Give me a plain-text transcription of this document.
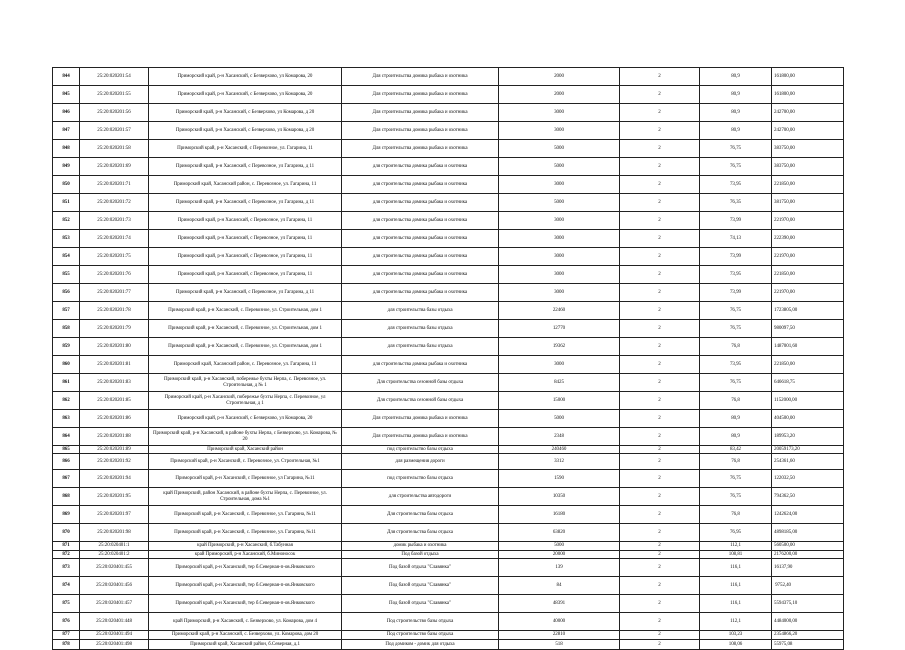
844	25:20:020201:54	Приморский край, р-н Хасанский, с Безверхово, ул Комарова, 20	Для строительства домика рыбака и охотника	2000	2	80,9	161800,00
845	25:20:020201:55	Приморский край, р-н Хасанский, с Безверхово, ул Комарова, 20	Для строительства домика рыбака и охотника	2000	2	80,9	161800,00
846	25:20:020201:56	Приморский край, р-н Хасанский, с Безверхово, ул Комарова, д 20	Для строительства домика рыбака и охотника	3000	2	80,9	242700,00
847	25:20:020201:57	Приморский край, р-н Хасанский, с Безверхово, ул Комарова, д 20	Для строительства домика рыбака и охотника	3000	2	80,9	242700,00
848	25:20:020201:58	Приморский край, р-н Хасанский, с Перевозное, ул. Гагарина, 11	Для строительства домика рыбака и охотника	5000	2	76,75	383750,00
849	25:20:020201:69	Приморский край, р-н Хасанский, с Перевозное, ул Гагарина, д 11	для строительства домика рыбака и охотника	5000	2	76,75	383750,00
850	25:20:020201:71	Приморский край, Хасанский район, с. Перевозное, ул. Гагарина, 11	для строительства домика рыбака и охотника	3000	2	73,95	221850,00
851	25:20:020201:72	Приморский край, р-н Хасанский, с Перевозное, ул Гагарина, д 11	для строительства домика рыбака и охотника	5000	2	76,35	381750,00
852	25:20:020201:73	Приморский край, р-н Хасанский, с Перевозное, ул Гагарина, 11	для строительства домика рыбака и охотника	3000	2	73,99	221970,00
853	25:20:020201:74	Приморский край, р-н Хасанский, с Перевозное, ул Гагарина, 11	для строительства домика рыбака и охотника	3000	2	74,13	222390,00
854	25:20:020201:75	Приморский край, р-н Хасанский, с Перевозное, ул Гагарина, 11	для строительства домика рыбака и охотника	3000	2	73,99	221970,00
855	25:20:020201:76	Приморский край, р-н Хасанский, с Перевозное, ул Гагарина, 11	для строительства домика рыбака и охотника	3000	2	73,95	221850,00
856	25:20:020201:77	Приморский край, р-н Хасанский, с Перевозное, ул Гагарина, д 11	для строительства домика рыбака и охотника	3000	2	73,99	221970,00
857	25:20:020201:78	Приморский край, р-н Хасанский, с. Перевозное, ул. Строительная, дом 1	для строительства базы отдыха	22460	2	76,75	1723805,00
858	25:20:020201:79	Приморский край, р-н Хасанский, с. Перевозное, ул. Строительная, дом 1	для строительства базы отдыха	12770	2	76,75	980097,50
859	25:20:020201:80	Приморский край, р-н Хасанский, с. Перевозное, ул. Строительная, дом 1	для строительства базы отдыха	19362	2	76,8	1487001,60
860	25:20:020201:81	Приморский край, Хасанский район, с. Перевозное, ул. Гагарина, 11	для строительства домика рыбака и охотника	3000	2	73,95	221850,00
861	25:20:020201:83	Приморский край, р-н Хасанский, побережье бухты Нерпа, с. Перевозное, ул. Строительная, д № 1	Для строительства сезонной базы отдыха	8425	2	76,75	646618,75
862	25:20:020201:85	Приморский край, р-н Хасанский, побережье бухты Нерпа, с. Перевозное, ул Строительная, д 1	Для строительства сезонной базы отдыха	15000	2	76,8	1152000,00
863	25:20:020201:86	Приморский край, р-н Хасанский, с Безверхово, ул Комарова, 20	Для строительства домика рыбака и охотника	5000	2	80,9	404500,00
864	25:20:020201:88	Приморский край, р-н Хасанский, в районе бухты Нерпа, с Безверхово, ул. Комарова, № 20	Для строительства домика рыбака и охотника	2348	2	80,9	189953,20
865	25:20:020201:89	Приморский край, Хасанский район	под строительство базы отдыха	240460	2	83,42	20059173,20
866	25:20:020201:92	Приморский край, р-н Хасанский, с. Перевозное, ул. Строительная, №1	для размещения дороги	3312	2	76,8	254361,60
867	25:20:020201:94	Приморский край, р-н Хасанский, с Перевозное, ул Гагарина, №11	под строительство базы отдыха	1590	2	76,75	122032,50
868	25:20:020201:95	край Приморский, район Хасанский, в районе бухты Нерпа, с. Перевозное, ул. Строительная, дома №1	для строительства автодороги	10350	2	76,75	794362,50
869	25:20:020201:97	Приморский край, р-н Хасанский, с. Перевозное, ул. Гагарина, №11	Для строительства базы отдыха	16180	2	76,8	1242624,00
870	25:20:020201:98	Приморский край, р-н Хасанский, с. Перевозное, ул. Гагарина, №11	Для строительства базы отдыха	63820	2	76,95	4898185,00
871	25:20:020401:1	край Приморский, р-н Хасанский, б.Табунная	домик рыбака и охотника	5000	2	112,1	560500,00
872	25:20:020401:2	край Приморский, р-н Хасанский, б.Миноносок	Под базой отдыха	20000	2	108,81	2176200,00
873	25:20:020401:455	Приморский край, р-н Хасанский, тер б.Северная-п-ов.Янковского	Под базой отдыха "Славянка"	139	2	116,1	16137,90
874	25:20:020401:456	Приморский край, р-н Хасанский, тер б.Северная-п-ов.Янковского	Под базой отдыха "Славянка"	84	2	116,1	9752,40
875	25:20:020401:457	Приморский край, р-н Хасанский, тер б.Северная-п-ов.Янковского	Под базой отдыха "Славянка"	48391	2	116,1	5594375,10
876	25:20:020401:448	край Приморский, р-н Хасанский, с. Безверхово, ул. Комарова, дом 4	Под строительство базы отдыха	40000	2	112,1	4484000,00
877	25:20:020401:494	Приморский край, р-н Хасанский, с. Безверхово, ул. Комарова, дом 20	Под строительство базы отдыха	22810	2	103,23	2354866,20
878	25:20:020401:498	Приморский край, Хасанский район, б.Северная, д.1	Под домиком - домик для отдыха	518	2	108,06	55975,08
